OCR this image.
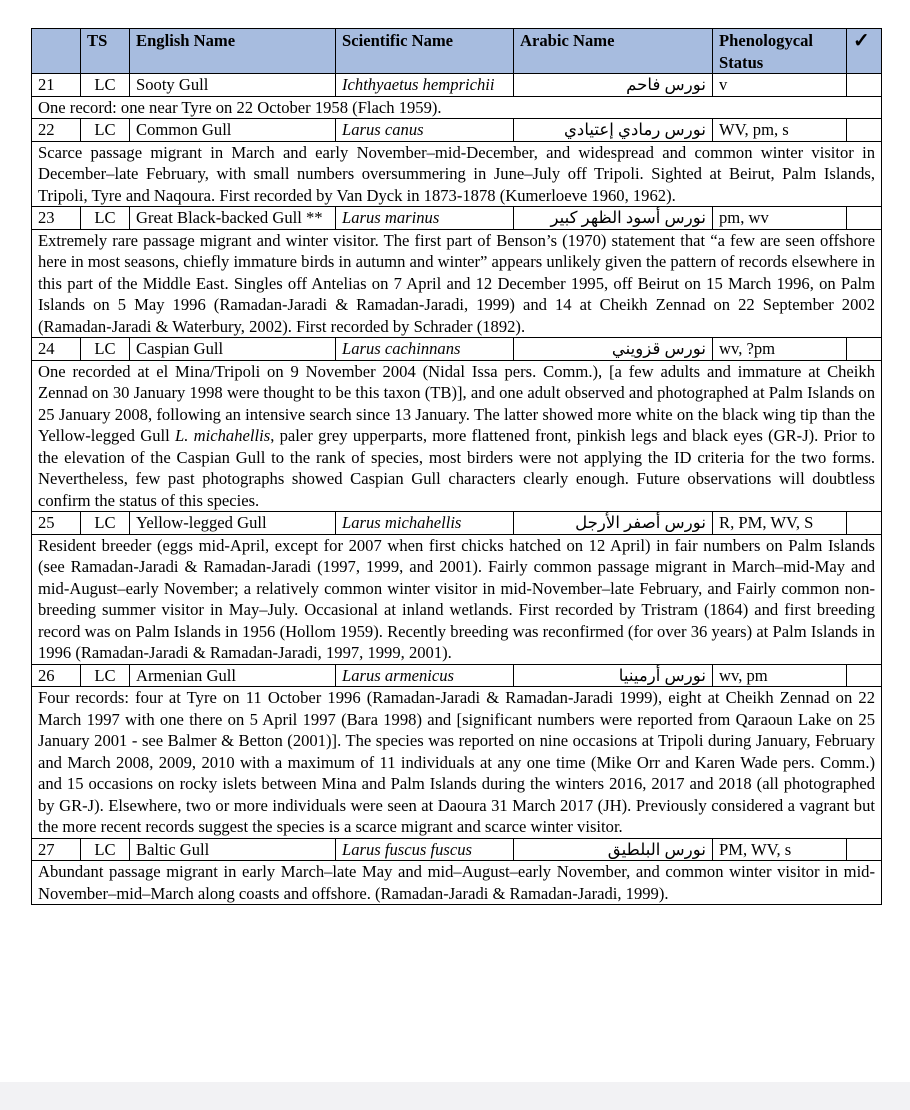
	TS	English Name	Scientific Name	Arabic Name	Phenologycal Status	✓
21	LC	Sooty Gull	Ichthyaetus hemprichii	نورس فاحم	v	
One record: one near Tyre on 22 October 1958 (Flach 1959).						
22	LC	Common Gull	Larus canus	نورس رمادي إعتيادي	WV, pm, s	
Scarce passage migrant in March and early November–mid-December, and widespread and common winter visitor in December–late February, with small numbers oversummering in June–July off Tripoli. Sighted at Beirut, Palm Islands, Tripoli, Tyre and Naqoura. First recorded by Van Dyck in 1873-1878 (Kumerloeve 1960, 1962).						
23	LC	Great Black-backed Gull **	Larus marinus	نورس أسود الظهر كبير	pm, wv	
Extremely rare passage migrant and winter visitor. The first part of Benson’s (1970) statement that “a few are seen offshore here in most seasons, chiefly immature birds in autumn and winter” appears unlikely given the pattern of records elsewhere in this part of the Middle East. Singles off Antelias on 7 April and 12 December 1995, off Beirut on 15 March 1996, on Palm Islands on 5 May 1996 (Ramadan-Jaradi & Ramadan-Jaradi, 1999) and 14 at Cheikh Zennad on 22 September 2002 (Ramadan-Jaradi & Waterbury, 2002). First recorded by Schrader (1892).						
24	LC	Caspian Gull	Larus cachinnans	نورس قزويني	wv, ?pm	
One recorded at el Mina/Tripoli on 9 November 2004 (Nidal Issa pers. Comm.), [a few adults and immature at Cheikh Zennad on 30 January 1998 were thought to be this taxon (TB)], and one adult observed and photographed at Palm Islands on 25 January 2008, following an intensive search since 13 January. The latter showed more white on the black wing tip than the Yellow-legged Gull L. michahellis, paler grey upperparts, more flattened front, pinkish legs and black eyes (GR-J). Prior to the elevation of the Caspian Gull to the rank of species, most birders were not applying the ID criteria for the two forms. Nevertheless, few past photographs showed Caspian Gull characters clearly enough. Future observations will doubtless confirm the status of this species.						
25	LC	Yellow-legged Gull	Larus michahellis	نورس أصفر الأرجل	R, PM, WV, S	
Resident breeder (eggs mid-April, except for 2007 when first chicks hatched on 12 April) in fair numbers on Palm Islands (see Ramadan-Jaradi & Ramadan-Jaradi (1997, 1999, and 2001). Fairly common passage migrant in March–mid-May and mid-August–early November; a relatively common winter visitor in mid-November–late February, and Fairly common non-breeding summer visitor in May–July. Occasional at inland wetlands. First recorded by Tristram (1864) and first breeding record was on Palm Islands in 1956 (Hollom 1959). Recently breeding was reconfirmed (for over 36 years) at Palm Islands in 1996 (Ramadan-Jaradi & Ramadan-Jaradi, 1997, 1999, 2001).						
26	LC	Armenian Gull	Larus armenicus	نورس أرمينيا	wv, pm	
Four records: four at Tyre on 11 October 1996 (Ramadan-Jaradi & Ramadan-Jaradi 1999), eight at Cheikh Zennad on 22 March 1997 with one there on 5 April 1997 (Bara 1998) and [significant numbers were reported from Qaraoun Lake on 25 January 2001 - see Balmer & Betton (2001)]. The species was reported on nine occasions at Tripoli during January, February and March 2008, 2009, 2010 with a maximum of 11 individuals at any one time (Mike Orr and Karen Wade pers. Comm.) and 15 occasions on rocky islets between Mina and Palm Islands during the winters 2016, 2017 and 2018 (all photographed by GR-J). Elsewhere, two or more individuals were seen at Daoura 31 March 2017 (JH). Previously considered a vagrant but the more recent records suggest the species is a scarce migrant and scarce winter visitor.						
27	LC	Baltic Gull	Larus fuscus fuscus	نورس البلطيق	PM, WV, s	
Abundant passage migrant in early March–late May and mid–August–early November, and common winter visitor in mid-November–mid–March along coasts and offshore. (Ramadan-Jaradi & Ramadan-Jaradi, 1999).						
